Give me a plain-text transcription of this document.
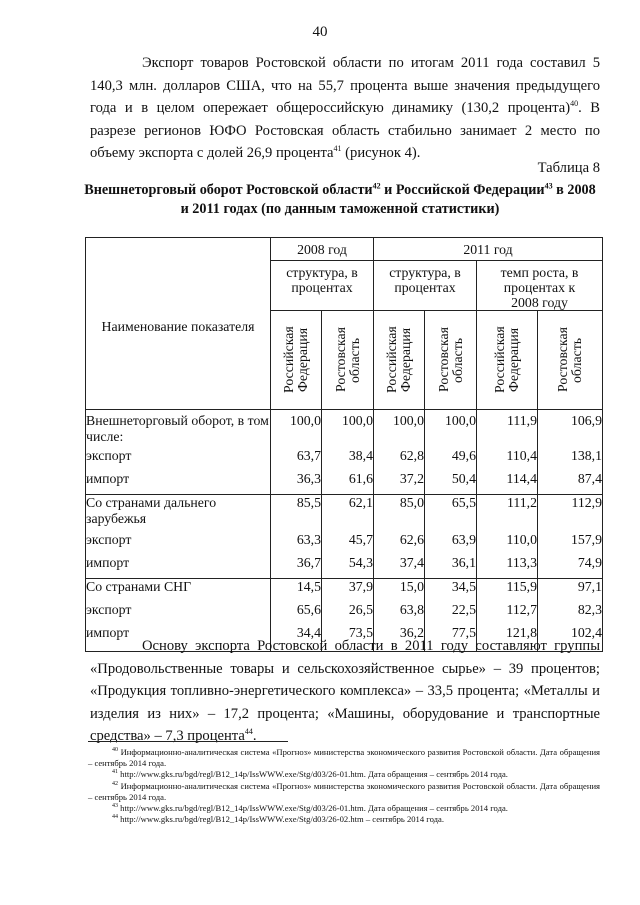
40
Экспорт товаров Ростовской области по итогам 2011 года составил 5 140,3 млн. долларов США, что на 55,7 процента выше значения предыдущего года и в целом опережает общероссийскую динамику (130,2 процента)$^{40}$. В разрезе регионов ЮФО Ростовская область стабильно занимает 2 место по объему экспорта с долей 26,9 процента$^{41}$ (рисунок 4).
Таблица 8
Внешнеторговый оборот Ростовской области$^{42}$ и Российской Федерации$^{43}$ в 2008 и 2011 годах (по данным таможенной статистики)
Наименование показателя	2008 год		2011 год			
	структура, в процентах		структура, в процентах		темп роста, в процентах к 2008 году	

	Российская Федерация	Ростовская область	Российская Федерация	Ростовская область	Российская Федерация	Ростовская область

Внешнеторговый оборот, в том числе:	100,0	100,0	100,0	100,0	111,9	106,9
экспорт	63,7	38,4	62,8	49,6	110,4	138,1
импорт	36,3	61,6	37,2	50,4	114,4	87,4
Со странами дальнего зарубежья	85,5	62,1	85,0	65,5	111,2	112,9
экспорт	63,3	45,7	62,6	63,9	110,0	157,9
импорт	36,7	54,3	37,4	36,1	113,3	74,9
Со странами СНГ	14,5	37,9	15,0	34,5	115,9	97,1
экспорт	65,6	26,5	63,8	22,5	112,7	82,3
импорт	34,4	73,5	36,2	77,5	121,8	102,4
Основу экспорта Ростовской области в 2011 году составляют группы «Продовольственные товары и сельскохозяйственное сырье» – 39 процентов; «Продукция топливно-энергетического комплекса» – 33,5 процента; «Металлы и изделия из них» – 17,2 процента; «Машины, оборудование и транспортные средства» – 7,3 процента$^{44}$.

$^{40}$ Информационно-аналитическая система «Прогноз» министерства экономического развития Ростовской области. Дата обращения – сентябрь 2014 года.

$^{41}$ http://www.gks.ru/bgd/regl/B12_14p/IssWWW.exe/Stg/d03/26-01.htm. Дата обращения – сентябрь 2014 года.

$^{42}$ Информационно-аналитическая система «Прогноз» министерства экономического развития Ростовской области. Дата обращения – сентябрь 2014 года.

$^{43}$ http://www.gks.ru/bgd/regl/B12_14p/IssWWW.exe/Stg/d03/26-01.htm. Дата обращения – сентябрь 2014 года.

$^{44}$ http://www.gks.ru/bgd/regl/B12_14p/IssWWW.exe/Stg/d03/26-02.htm – сентябрь 2014 года.
